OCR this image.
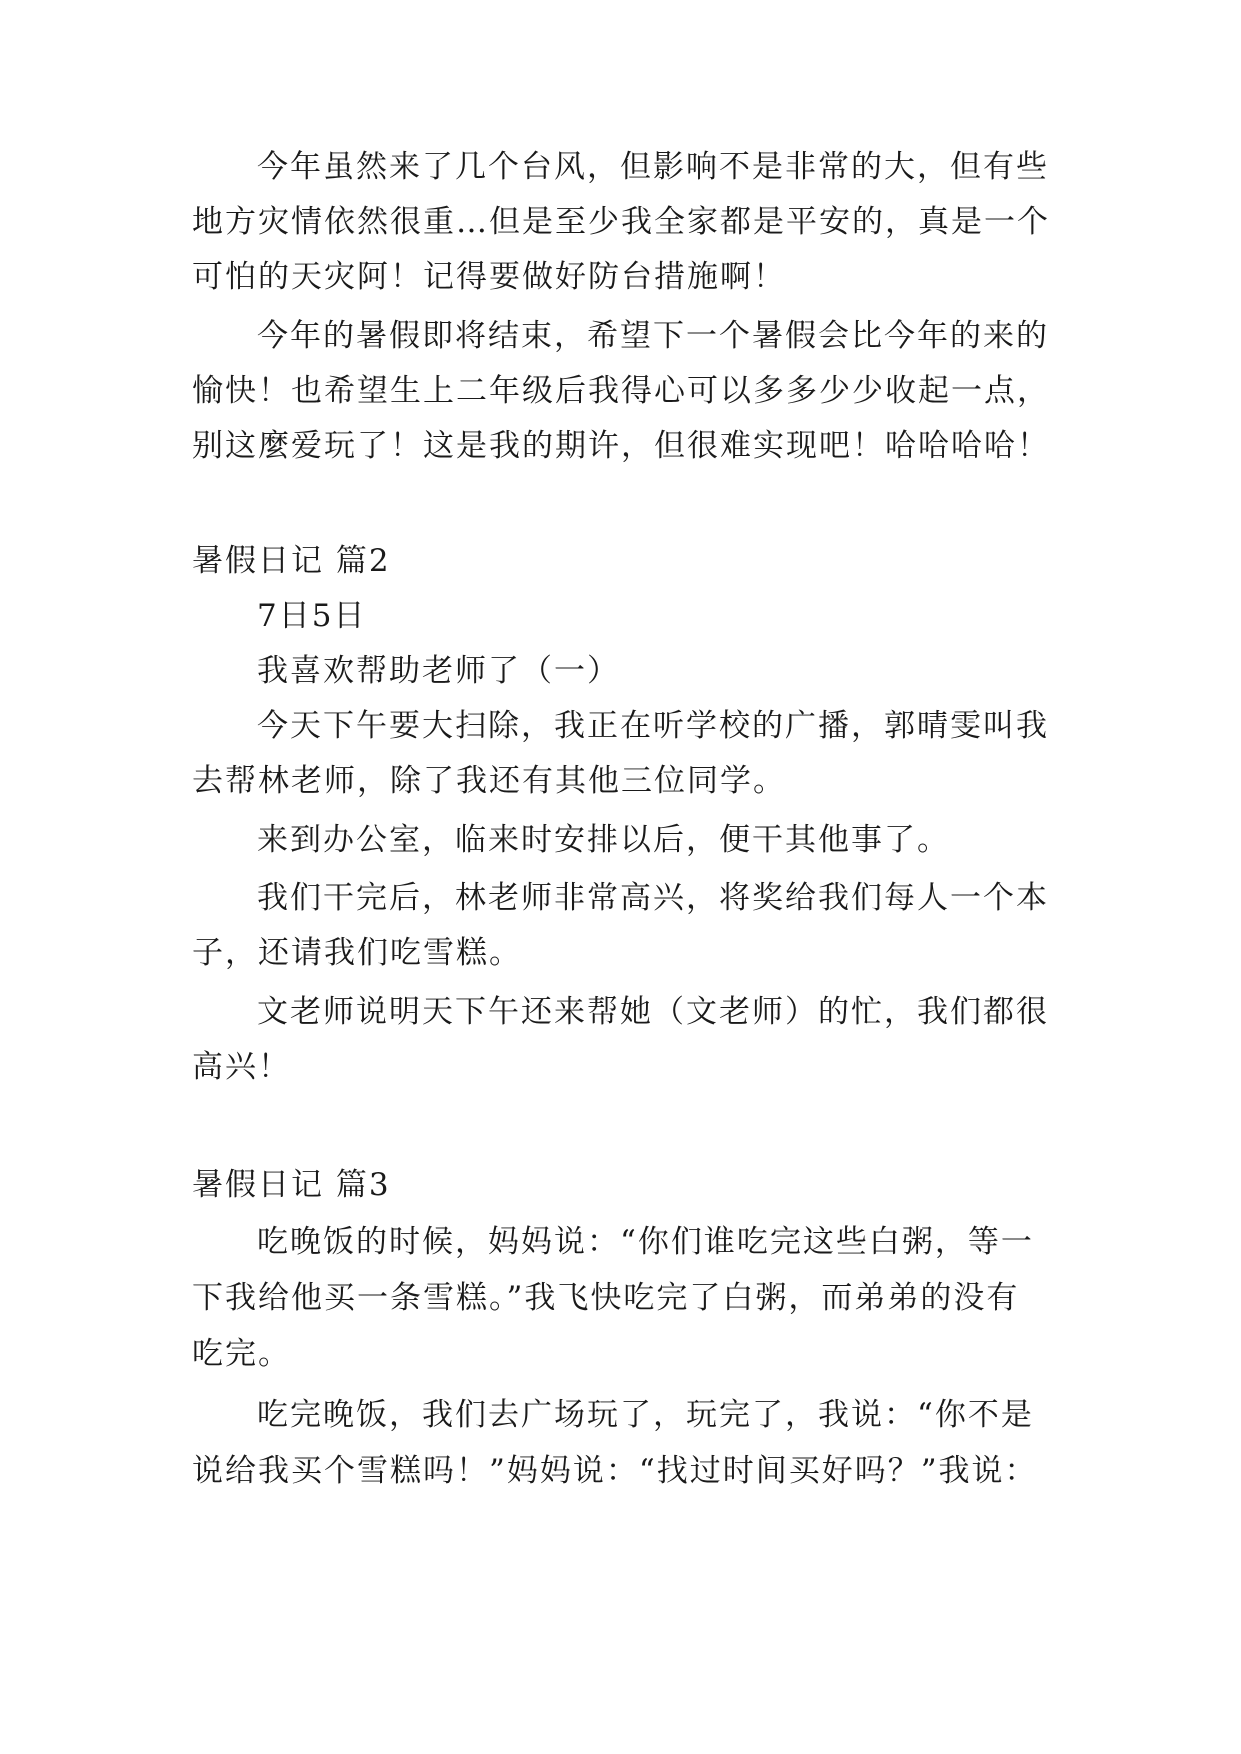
今年虽然来了几个台风，但影响不是非常的大，但有些
地方灾情依然很重…但是至少我全家都是平安的，真是一个
可怕的天灾阿！记得要做好防台措施啊！
今年的暑假即将结束，希望下一个暑假会比今年的来的
愉快！也希望生上二年级后我得心可以多多少少收起一点，
别这麼爱玩了！这是我的期许，但很难实现吧！哈哈哈哈！
暑假日记 篇2
7日5日
我喜欢帮助老师了（一）
今天下午要大扫除，我正在听学校的广播，郭晴雯叫我
去帮林老师，除了我还有其他三位同学。
来到办公室，临来时安排以后，便干其他事了。
我们干完后，林老师非常高兴，将奖给我们每人一个本
子，还请我们吃雪糕。
文老师说明天下午还来帮她（文老师）的忙，我们都很
高兴！
暑假日记 篇3
吃晚饭的时候，妈妈说：“你们谁吃完这些白粥，等一
下我给他买一条雪糕。”我飞快吃完了白粥，而弟弟的没有
吃完。
吃完晚饭，我们去广场玩了，玩完了，我说：“你不是
说给我买个雪糕吗！”妈妈说：“找过时间买好吗？”我说：
